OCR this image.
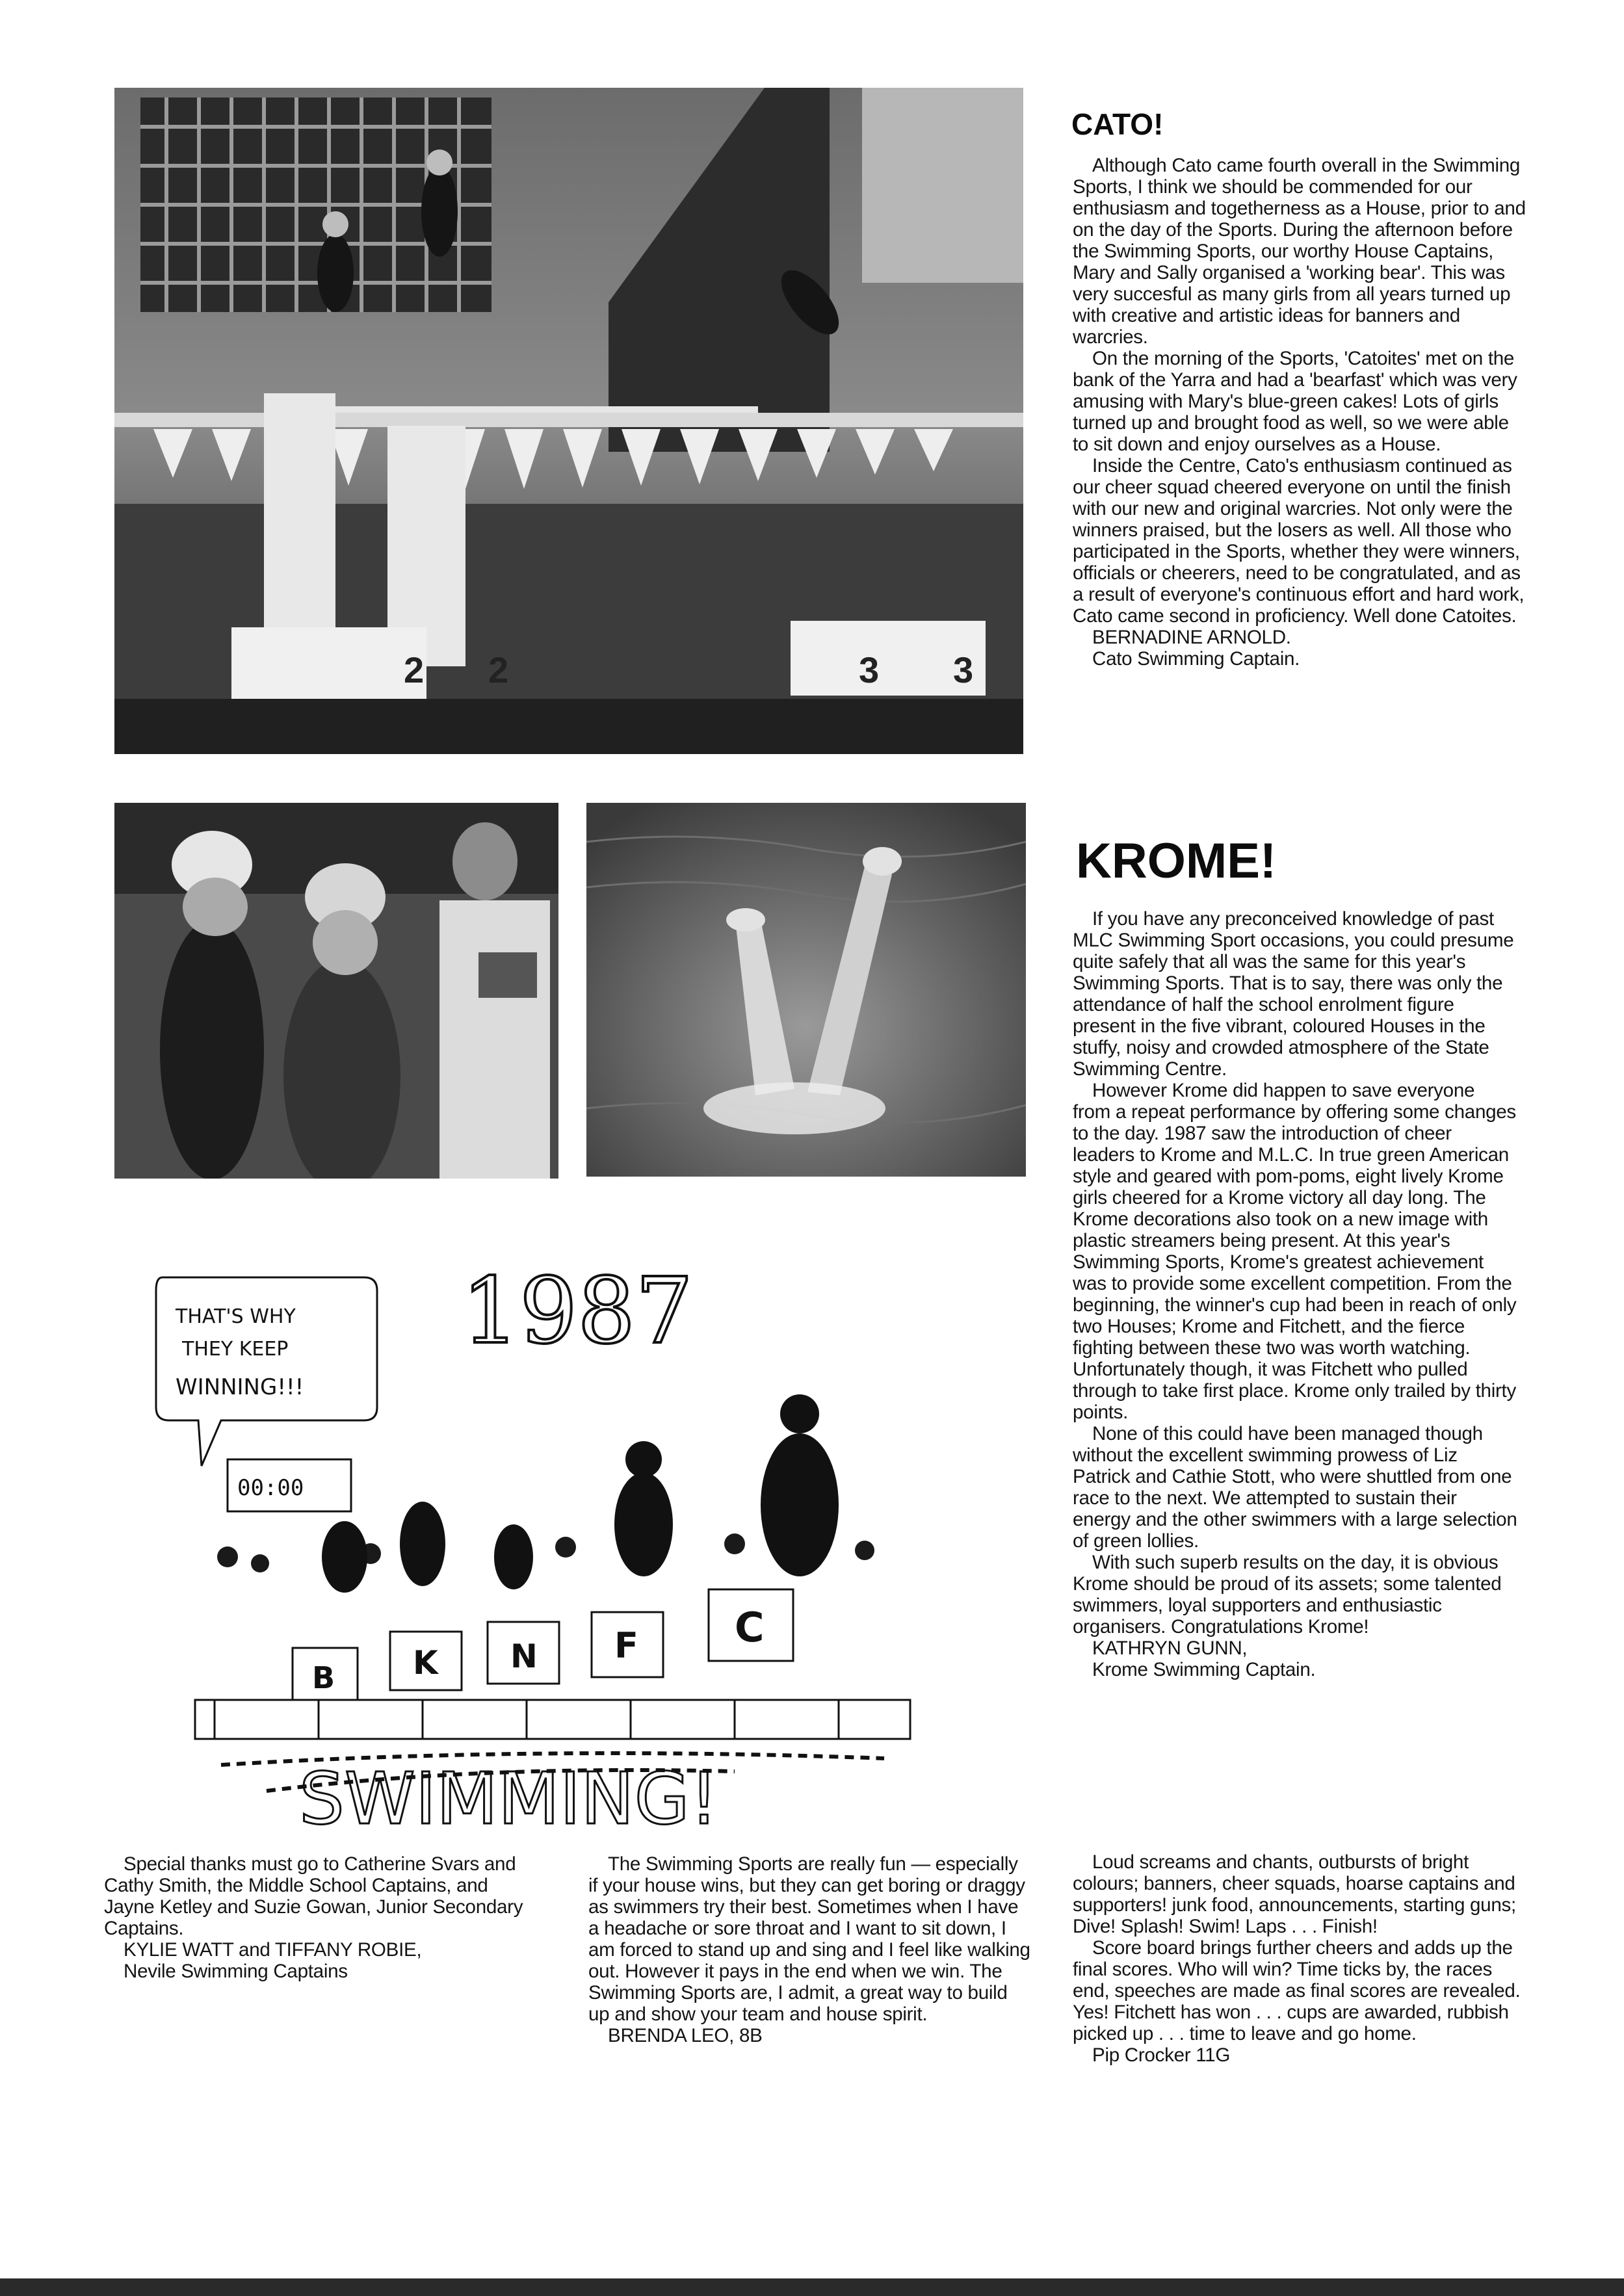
2 2	3 3
1987
THAT'S WHY
THEY KEEP
WINNING!!!
00:00
B K N F C
SWIMMING!
CATO!

Although Cato came fourth overall in the Swimming Sports, I think we should be commended for our enthusiasm and togetherness as a House, prior to and on the day of the Sports. During the afternoon before the Swimming Sports, our worthy House Captains, Mary and Sally organised a 'working bear'. This was very succesful as many girls from all years turned up with creative and artistic ideas for banners and warcries.

On the morning of the Sports, 'Catoites' met on the bank of the Yarra and had a 'bearfast' which was very amusing with Mary's blue-green cakes! Lots of girls turned up and brought food as well, so we were able to sit down and enjoy ourselves as a House.

Inside the Centre, Cato's enthusiasm continued as our cheer squad cheered everyone on until the finish with our new and original warcries. Not only were the winners praised, but the losers as well. All those who participated in the Sports, whether they were winners, officials or cheerers, need to be congratulated, and as a result of everyone's continuous effort and hard work, Cato came second in proficiency. Well done Catoites.

BERNADINE ARNOLD.
Cato Swimming Captain.
KROME!

If you have any preconceived knowledge of past MLC Swimming Sport occasions, you could presume quite safely that all was the same for this year's Swimming Sports. That is to say, there was only the attendance of half the school enrolment figure present in the five vibrant, coloured Houses in the stuffy, noisy and crowded atmosphere of the State Swimming Centre.

However Krome did happen to save everyone from a repeat performance by offering some changes to the day. 1987 saw the introduction of cheer leaders to Krome and M.L.C. In true green American style and geared with pom-poms, eight lively Krome girls cheered for a Krome victory all day long. The Krome decorations also took on a new image with plastic streamers being present. At this year's Swimming Sports, Krome's greatest achievement was to provide some excellent competition. From the beginning, the winner's cup had been in reach of only two Houses; Krome and Fitchett, and the fierce fighting between these two was worth watching. Unfortunately though, it was Fitchett who pulled through to take first place. Krome only trailed by thirty points.

None of this could have been managed though without the excellent swimming prowess of Liz Patrick and Cathie Stott, who were shuttled from one race to the next. We attempted to sustain their energy and the other swimmers with a large selection of green lollies.

With such superb results on the day, it is obvious Krome should be proud of its assets; some talented swimmers, loyal supporters and enthusiastic organisers. Congratulations Krome!

KATHRYN GUNN,
Krome Swimming Captain.

Special thanks must go to Catherine Svars and Cathy Smith, the Middle School Captains, and Jayne Ketley and Suzie Gowan, Junior Secondary Captains.

KYLIE WATT and TIFFANY ROBIE,
Nevile Swimming Captains

The Swimming Sports are really fun — especially if your house wins, but they can get boring or draggy as swimmers try their best. Sometimes when I have a headache or sore throat and I want to sit down, I am forced to stand up and sing and I feel like walking out. However it pays in the end when we win. The Swimming Sports are, I admit, a great way to build up and show your team and house spirit.

BRENDA LEO, 8B

Loud screams and chants, outbursts of bright colours; banners, cheer squads, hoarse captains and supporters! junk food, announcements, starting guns; Dive! Splash! Swim! Laps . . . Finish!

Score board brings further cheers and adds up the final scores. Who will win? Time ticks by, the races end, speeches are made as final scores are revealed. Yes! Fitchett has won . . . cups are awarded, rubbish picked up . . . time to leave and go home.

Pip Crocker 11G
